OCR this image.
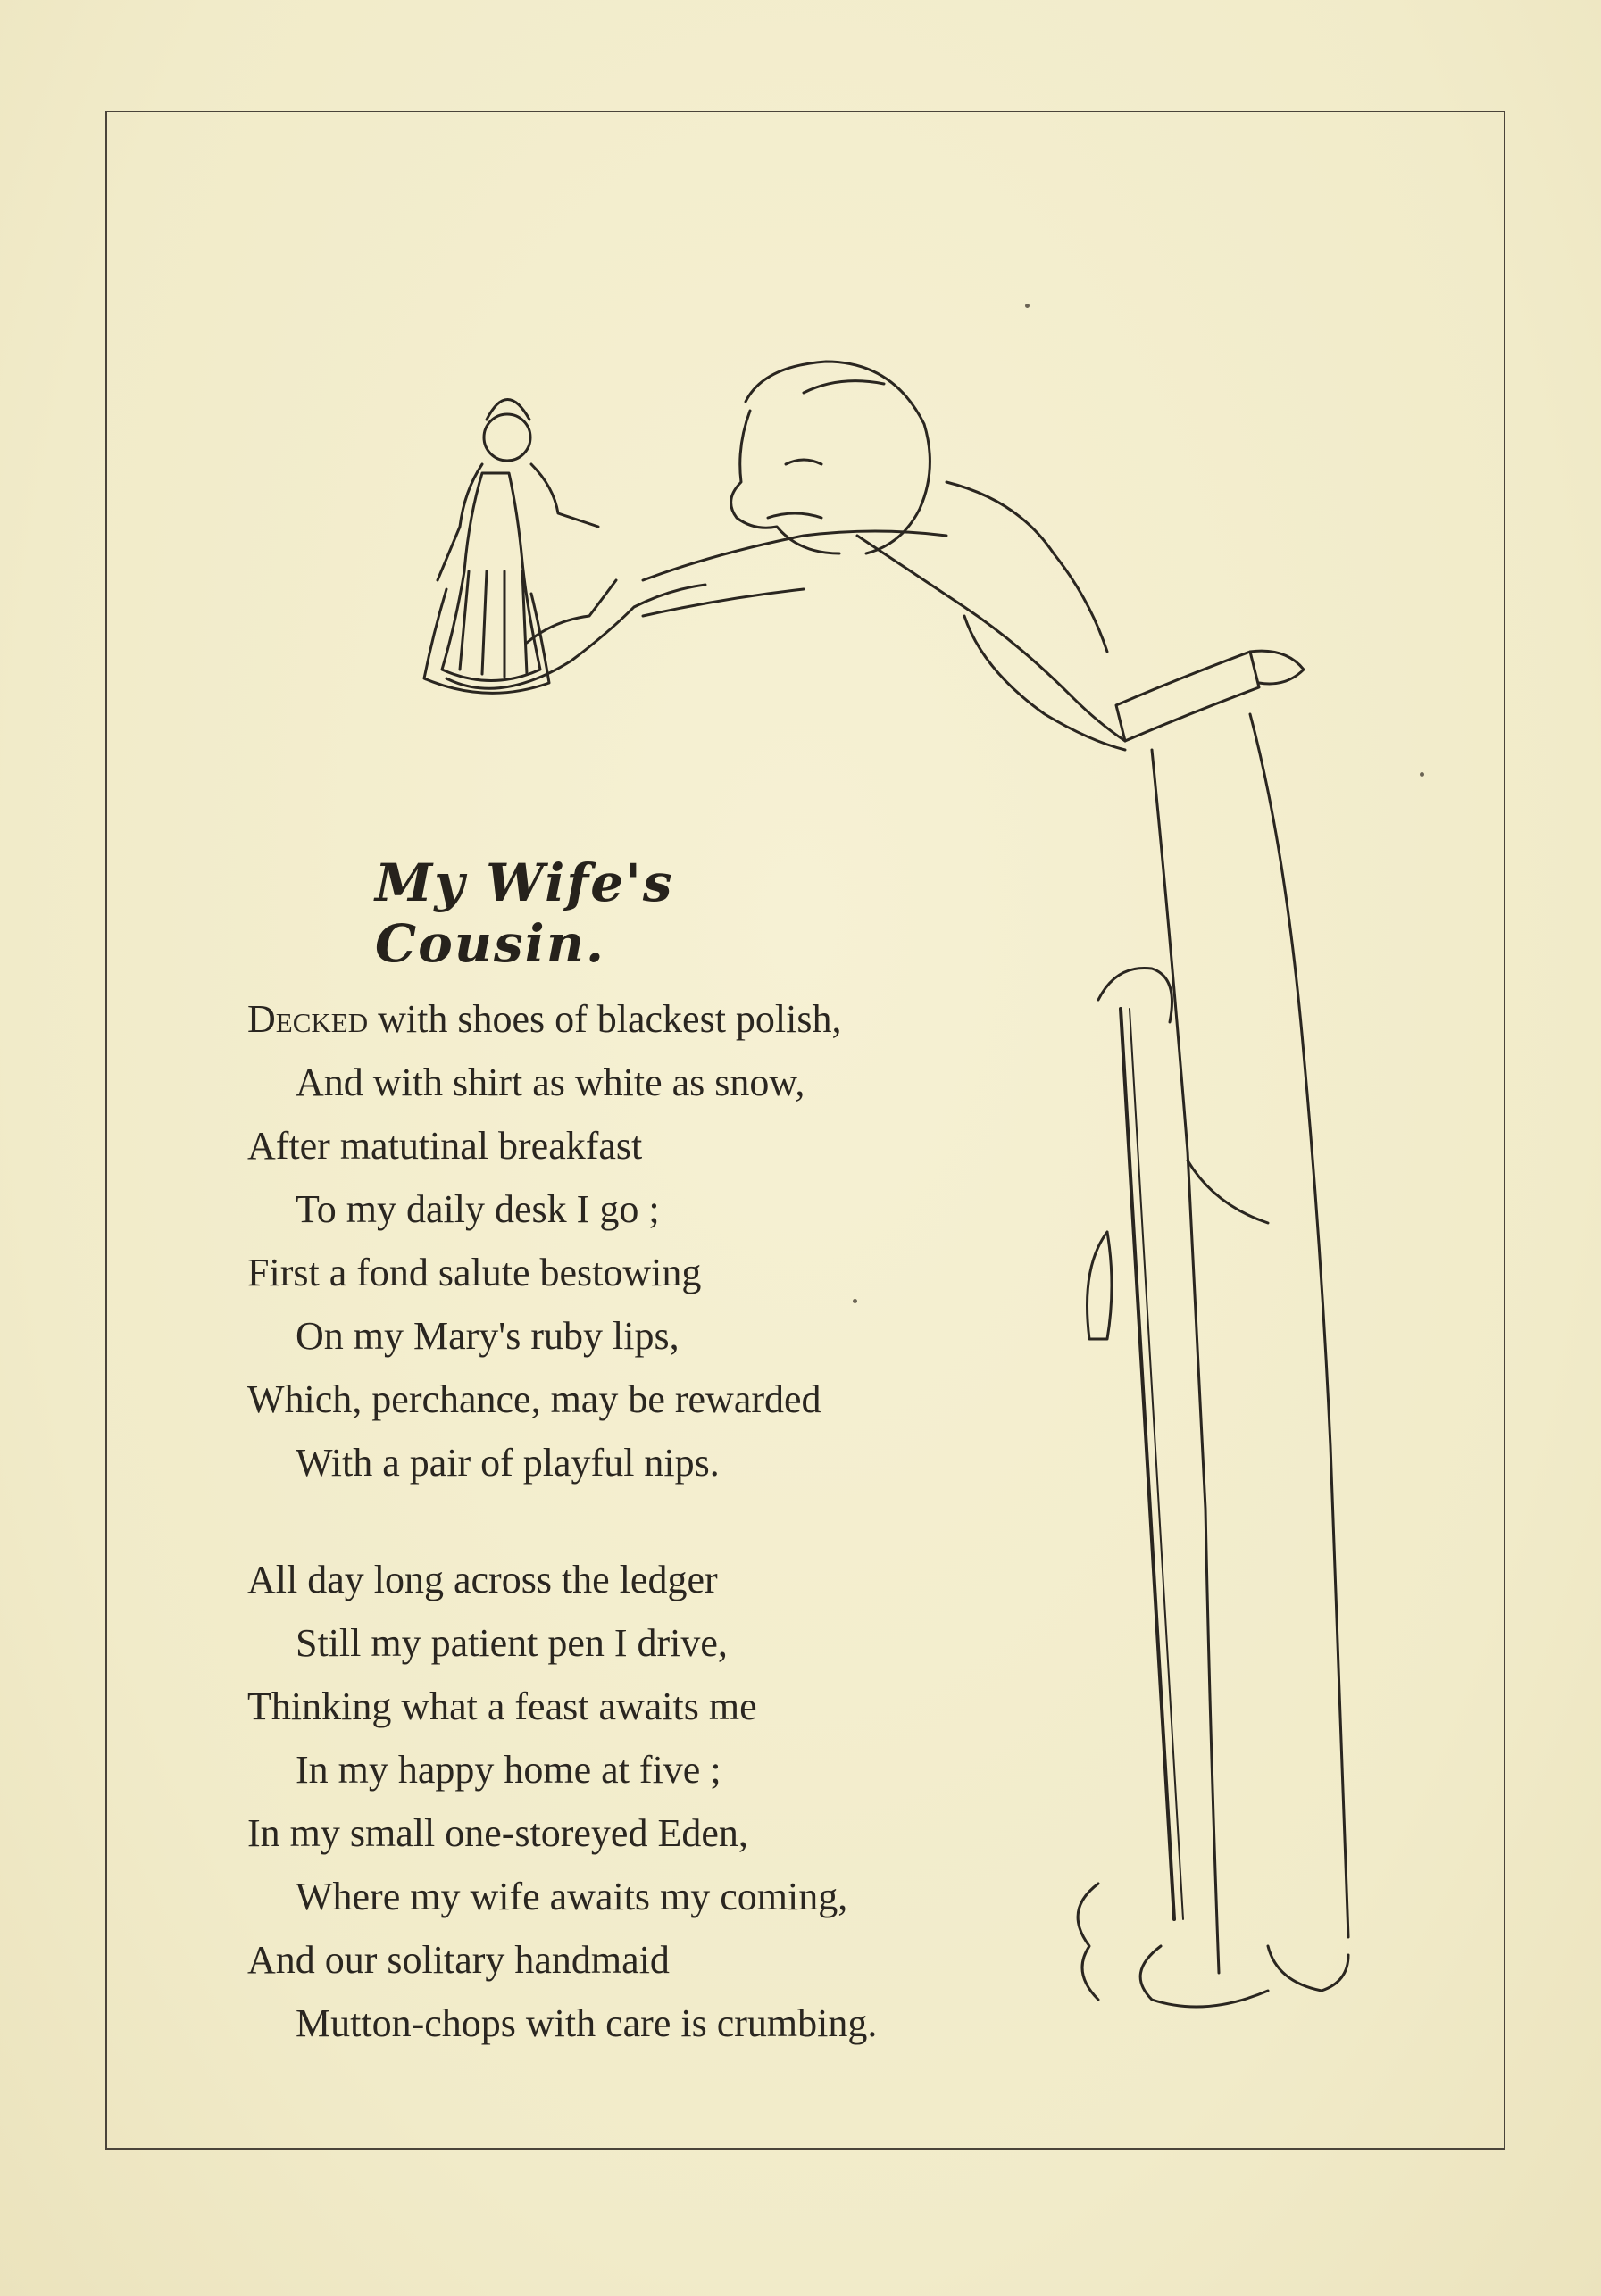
My Wife's Cousin.
Decked with shoes of blackest polish,
And with shirt as white as snow,
After matutinal breakfast
To my daily desk I go ;
First a fond salute bestowing
On my Mary's ruby lips,
Which, perchance, may be rewarded
With a pair of playful nips.
All day long across the ledger
Still my patient pen I drive,
Thinking what a feast awaits me
In my happy home at five ;
In my small one-storeyed Eden,
Where my wife awaits my coming,
And our solitary handmaid
Mutton-chops with care is crumbing.
